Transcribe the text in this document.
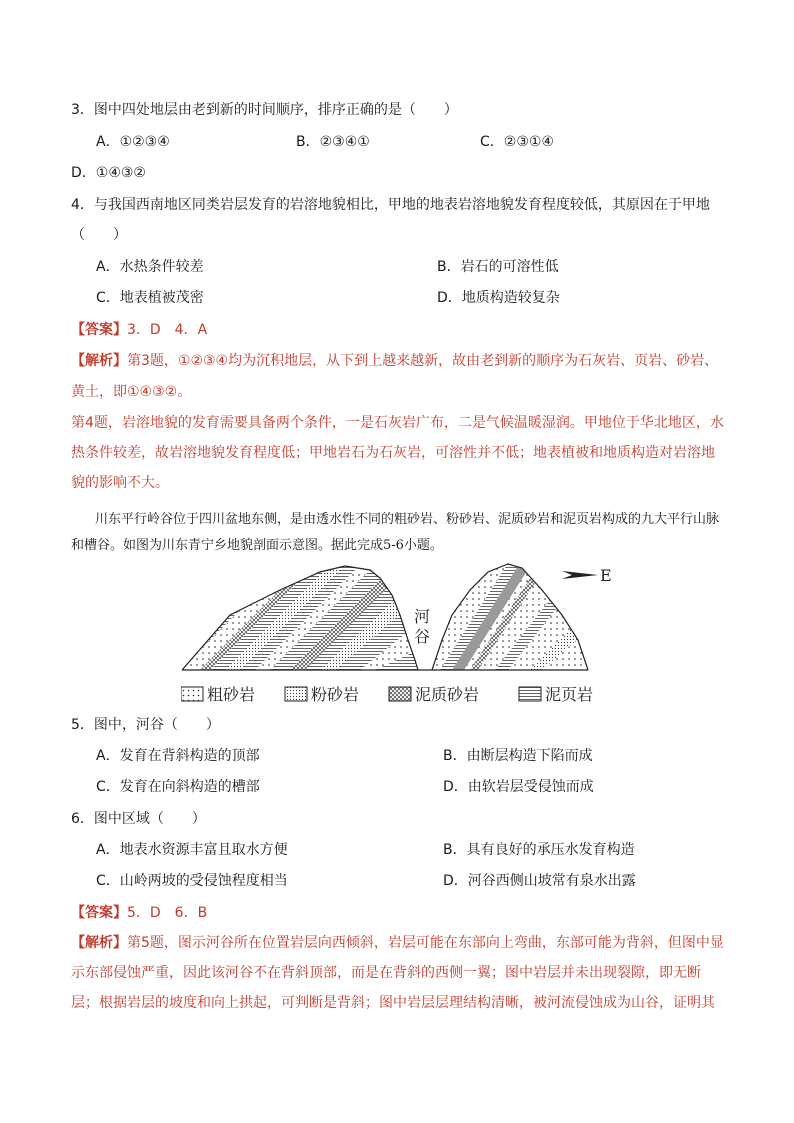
3．图中四处地层由老到新的时间顺序，排序正确的是（　　）
A．①②③④	B．②③④①	C．②③①④
D．①④③②
4．与我国西南地区同类岩层发育的岩溶地貌相比，甲地的地表岩溶地貌发育程度较低，其原因在于甲地
（　　）
A．水热条件较差	B．岩石的可溶性低
C．地表植被茂密	D．地质构造较复杂
【答案】3．D　4．A
【解析】第3题，①②③④均为沉积地层，从下到上越来越新，故由老到新的顺序为石灰岩、页岩、砂岩、
黄土，即①④③②。
第4题，岩溶地貌的发育需要具备两个条件，一是石灰岩广布，二是气候温暖湿润。甲地位于华北地区，水热条件较差，故岩溶地貌发育程度低；甲地岩石为石灰岩，可溶性并不低；地表植被和地质构造对岩溶地貌的影响不大。
川东平行岭谷位于四川盆地东侧，是由透水性不同的粗砂岩、粉砂岩、泥质砂岩和泥页岩构成的九大平行山脉和槽谷。如图为川东青宁乡地貌剖面示意图。据此完成5-6小题。
河
谷
E
粗砂岩	粉砂岩	泥质砂岩	泥页岩
5．图中，河谷（　　）
A．发育在背斜构造的顶部	B．由断层构造下陷而成
C．发育在向斜构造的槽部	D．由软岩层受侵蚀而成
6．图中区域（　　）
A．地表水资源丰富且取水方便	B．具有良好的承压水发育构造
C．山岭两坡的受侵蚀程度相当	D．河谷西侧山坡常有泉水出露
【答案】5．D　6．B
【解析】第5题，图示河谷所在位置岩层向西倾斜，岩层可能在东部向上弯曲，东部可能为背斜，但图中显示东部侵蚀严重，因此该河谷不在背斜顶部，而是在背斜的西侧一翼；图中岩层并未出现裂隙，即无断层；根据岩层的坡度和向上拱起，可判断是背斜；图中岩层层理结构清晰，被河流侵蚀成为山谷，证明其
